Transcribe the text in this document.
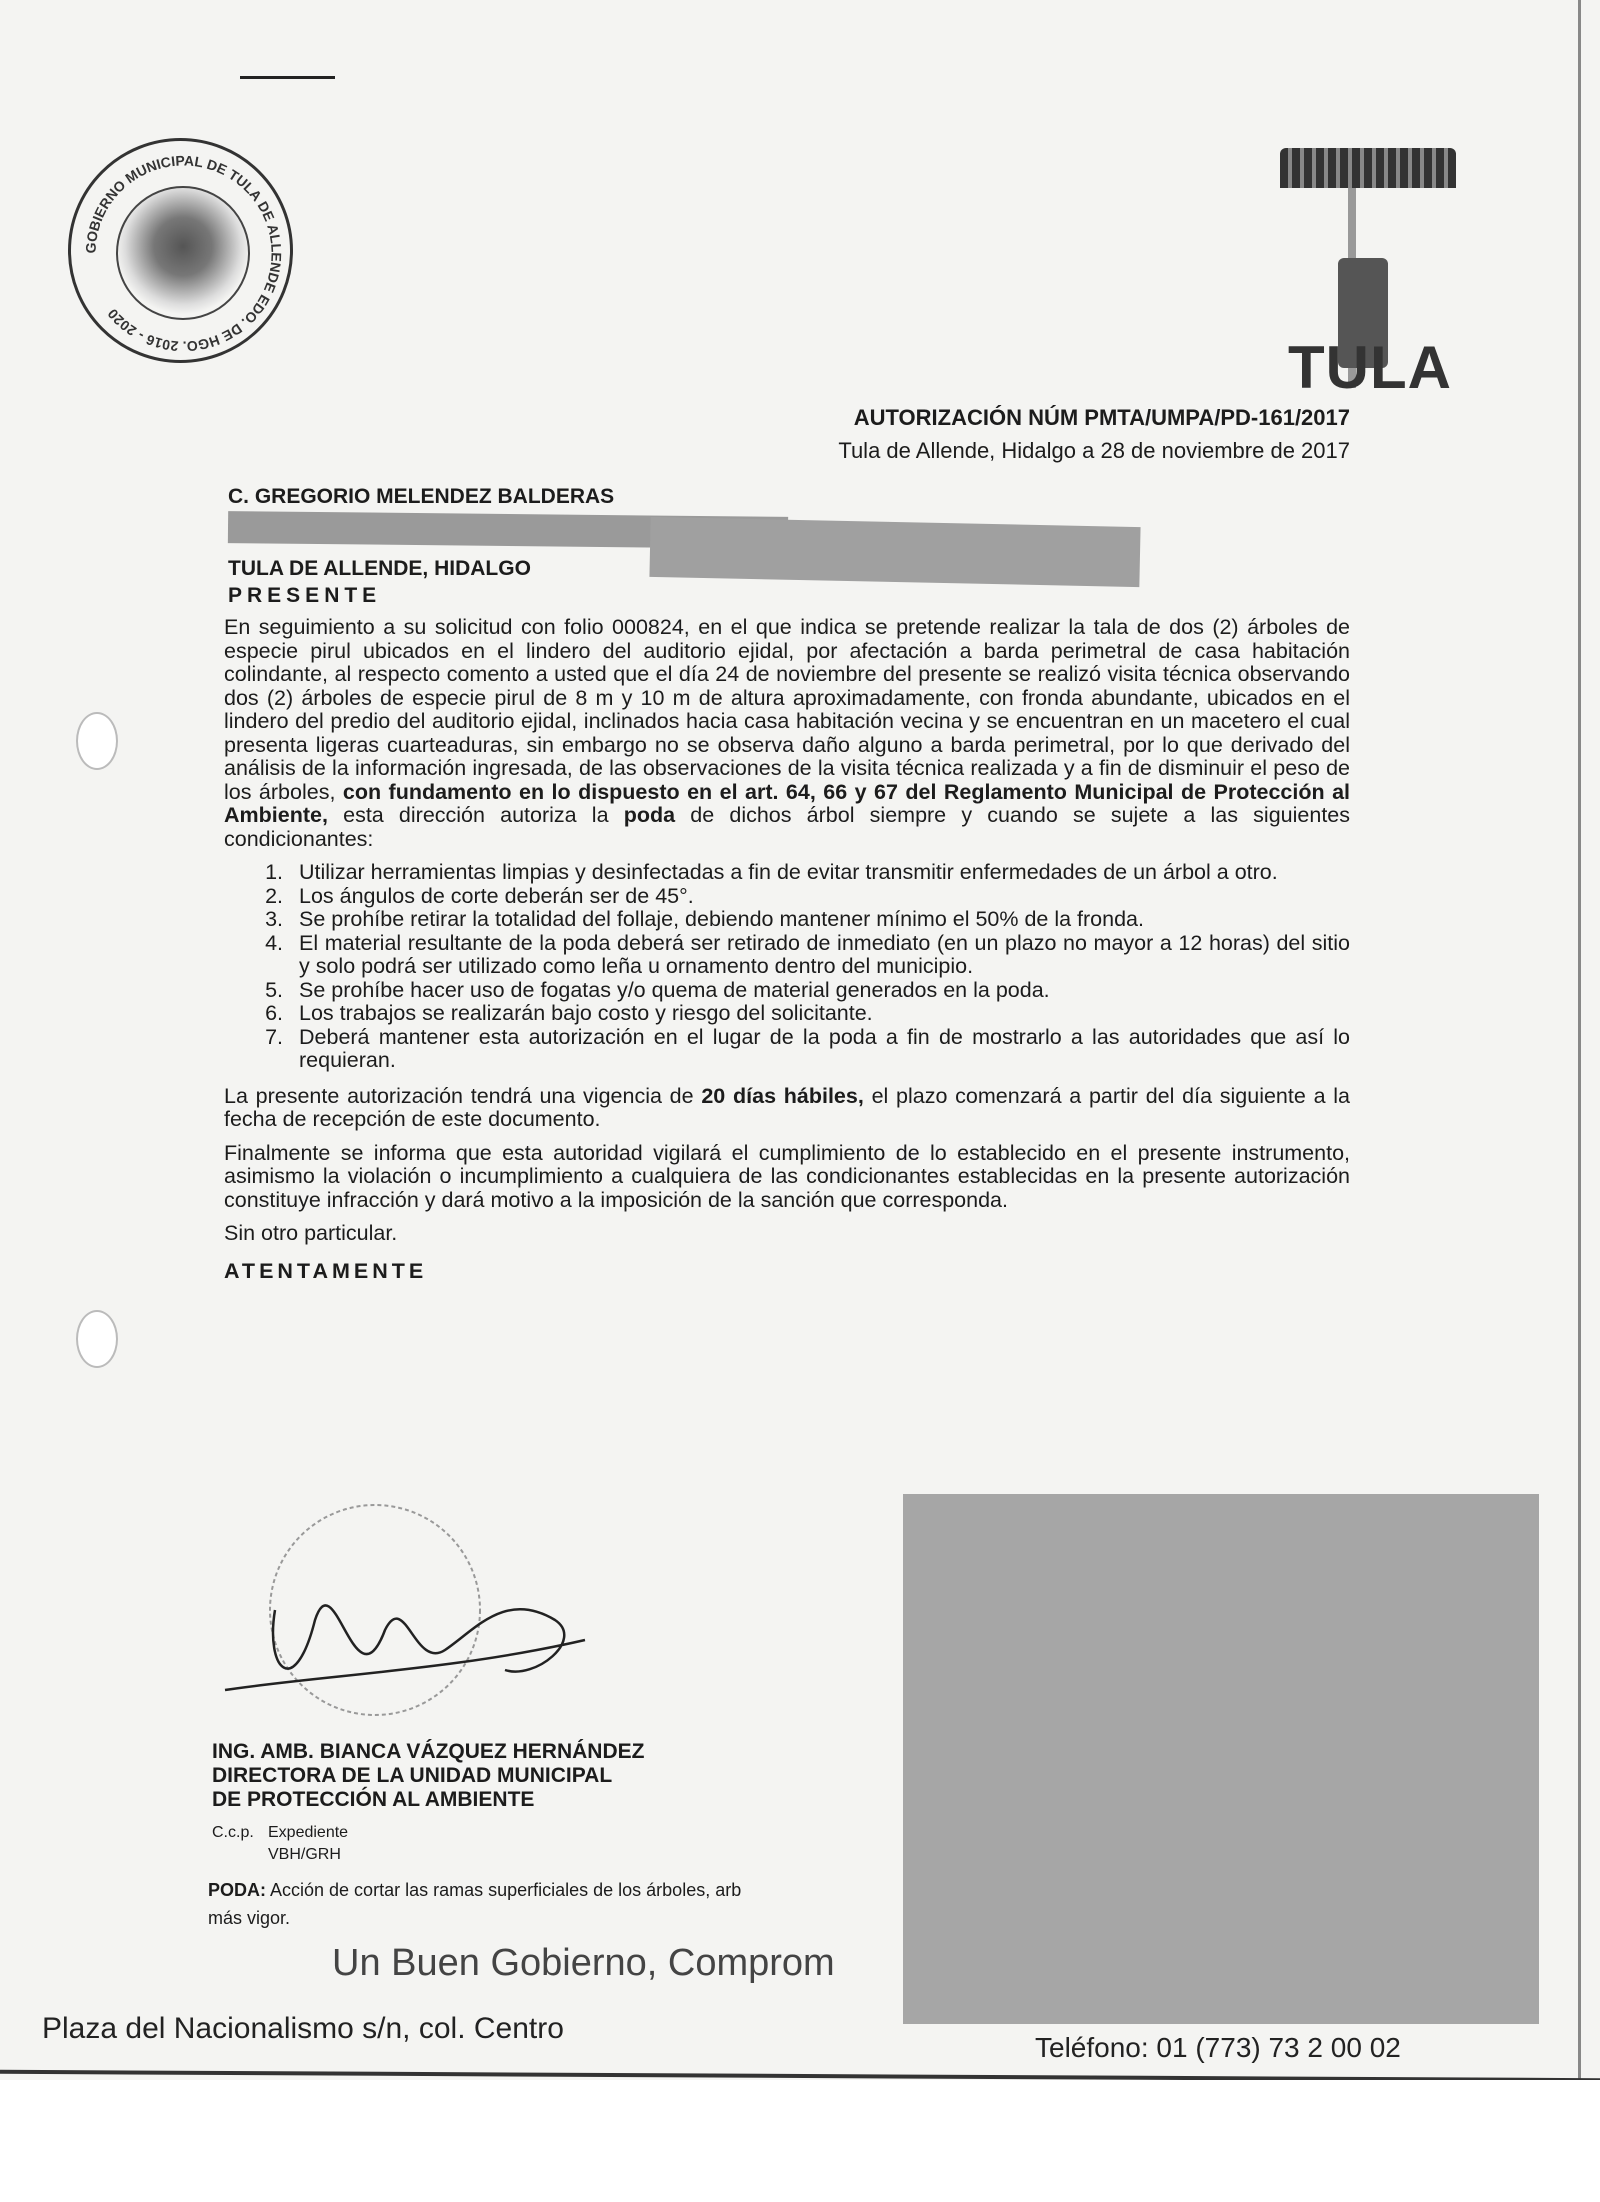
GOBIERNO MUNICIPAL DE TULA DE ALLENDE EDO. DE HGO. 2016 - 2020
TULA
AUTORIZACIÓN NÚM PMTA/UMPA/PD-161/2017
Tula de Allende, Hidalgo a 28 de noviembre de 2017
C. GREGORIO MELENDEZ BALDERAS
TULA DE ALLENDE, HIDALGO
PRESENTE

En seguimiento a su solicitud con folio 000824, en el que indica se pretende realizar la tala de dos (2) árboles de especie pirul ubicados en el lindero del auditorio ejidal, por afectación a barda perimetral de casa habitación colindante, al respecto comento a usted que el día 24 de noviembre del presente se realizó visita técnica observando dos (2) árboles de especie pirul de 8 m y 10 m de altura aproximadamente, con fronda abundante, ubicados en el lindero del predio del auditorio ejidal, inclinados hacia casa habitación vecina y se encuentran en un macetero el cual presenta ligeras cuarteaduras, sin embargo no se observa daño alguno a barda perimetral, por lo que derivado del análisis de la información ingresada, de las observaciones de la visita técnica realizada y a fin de disminuir el peso de los árboles, con fundamento en lo dispuesto en el art. 64, 66 y 67 del Reglamento Municipal de Protección al Ambiente, esta dirección autoriza la poda de dichos árbol siempre y cuando se sujete a las siguientes condicionantes:

1. Utilizar herramientas limpias y desinfectadas a fin de evitar transmitir enfermedades de un árbol a otro.
2. Los ángulos de corte deberán ser de 45°.
3. Se prohíbe retirar la totalidad del follaje, debiendo mantener mínimo el 50% de la fronda.
4. El material resultante de la poda deberá ser retirado de inmediato (en un plazo no mayor a 12 horas) del sitio y solo podrá ser utilizado como leña u ornamento dentro del municipio.
5. Se prohíbe hacer uso de fogatas y/o quema de material generados en la poda.
6. Los trabajos se realizarán bajo costo y riesgo del solicitante.
7. Deberá mantener esta autorización en el lugar de la poda a fin de mostrarlo a las autoridades que así lo requieran.

La presente autorización tendrá una vigencia de 20 días hábiles, el plazo comenzará a partir del día siguiente a la fecha de recepción de este documento.

Finalmente se informa que esta autoridad vigilará el cumplimiento de lo establecido en el presente instrumento, asimismo la violación o incumplimiento a cualquiera de las condicionantes establecidas en la presente autorización constituye infracción y dará motivo a la imposición de la sanción que corresponda.

Sin otro particular.

ATENTAMENTE

ING. AMB. BIANCA VÁZQUEZ HERNÁNDEZ
DIRECTORA DE LA UNIDAD MUNICIPAL
DE PROTECCIÓN AL AMBIENTE
C.c.p. Expediente
VBH/GRH
PODA: Acción de cortar las ramas superficiales de los árboles, arb
más vigor.
Un Buen Gobierno, Comprom
Plaza del Nacionalismo s/n, col. Centro
Teléfono: 01 (773) 73 2 00 02
